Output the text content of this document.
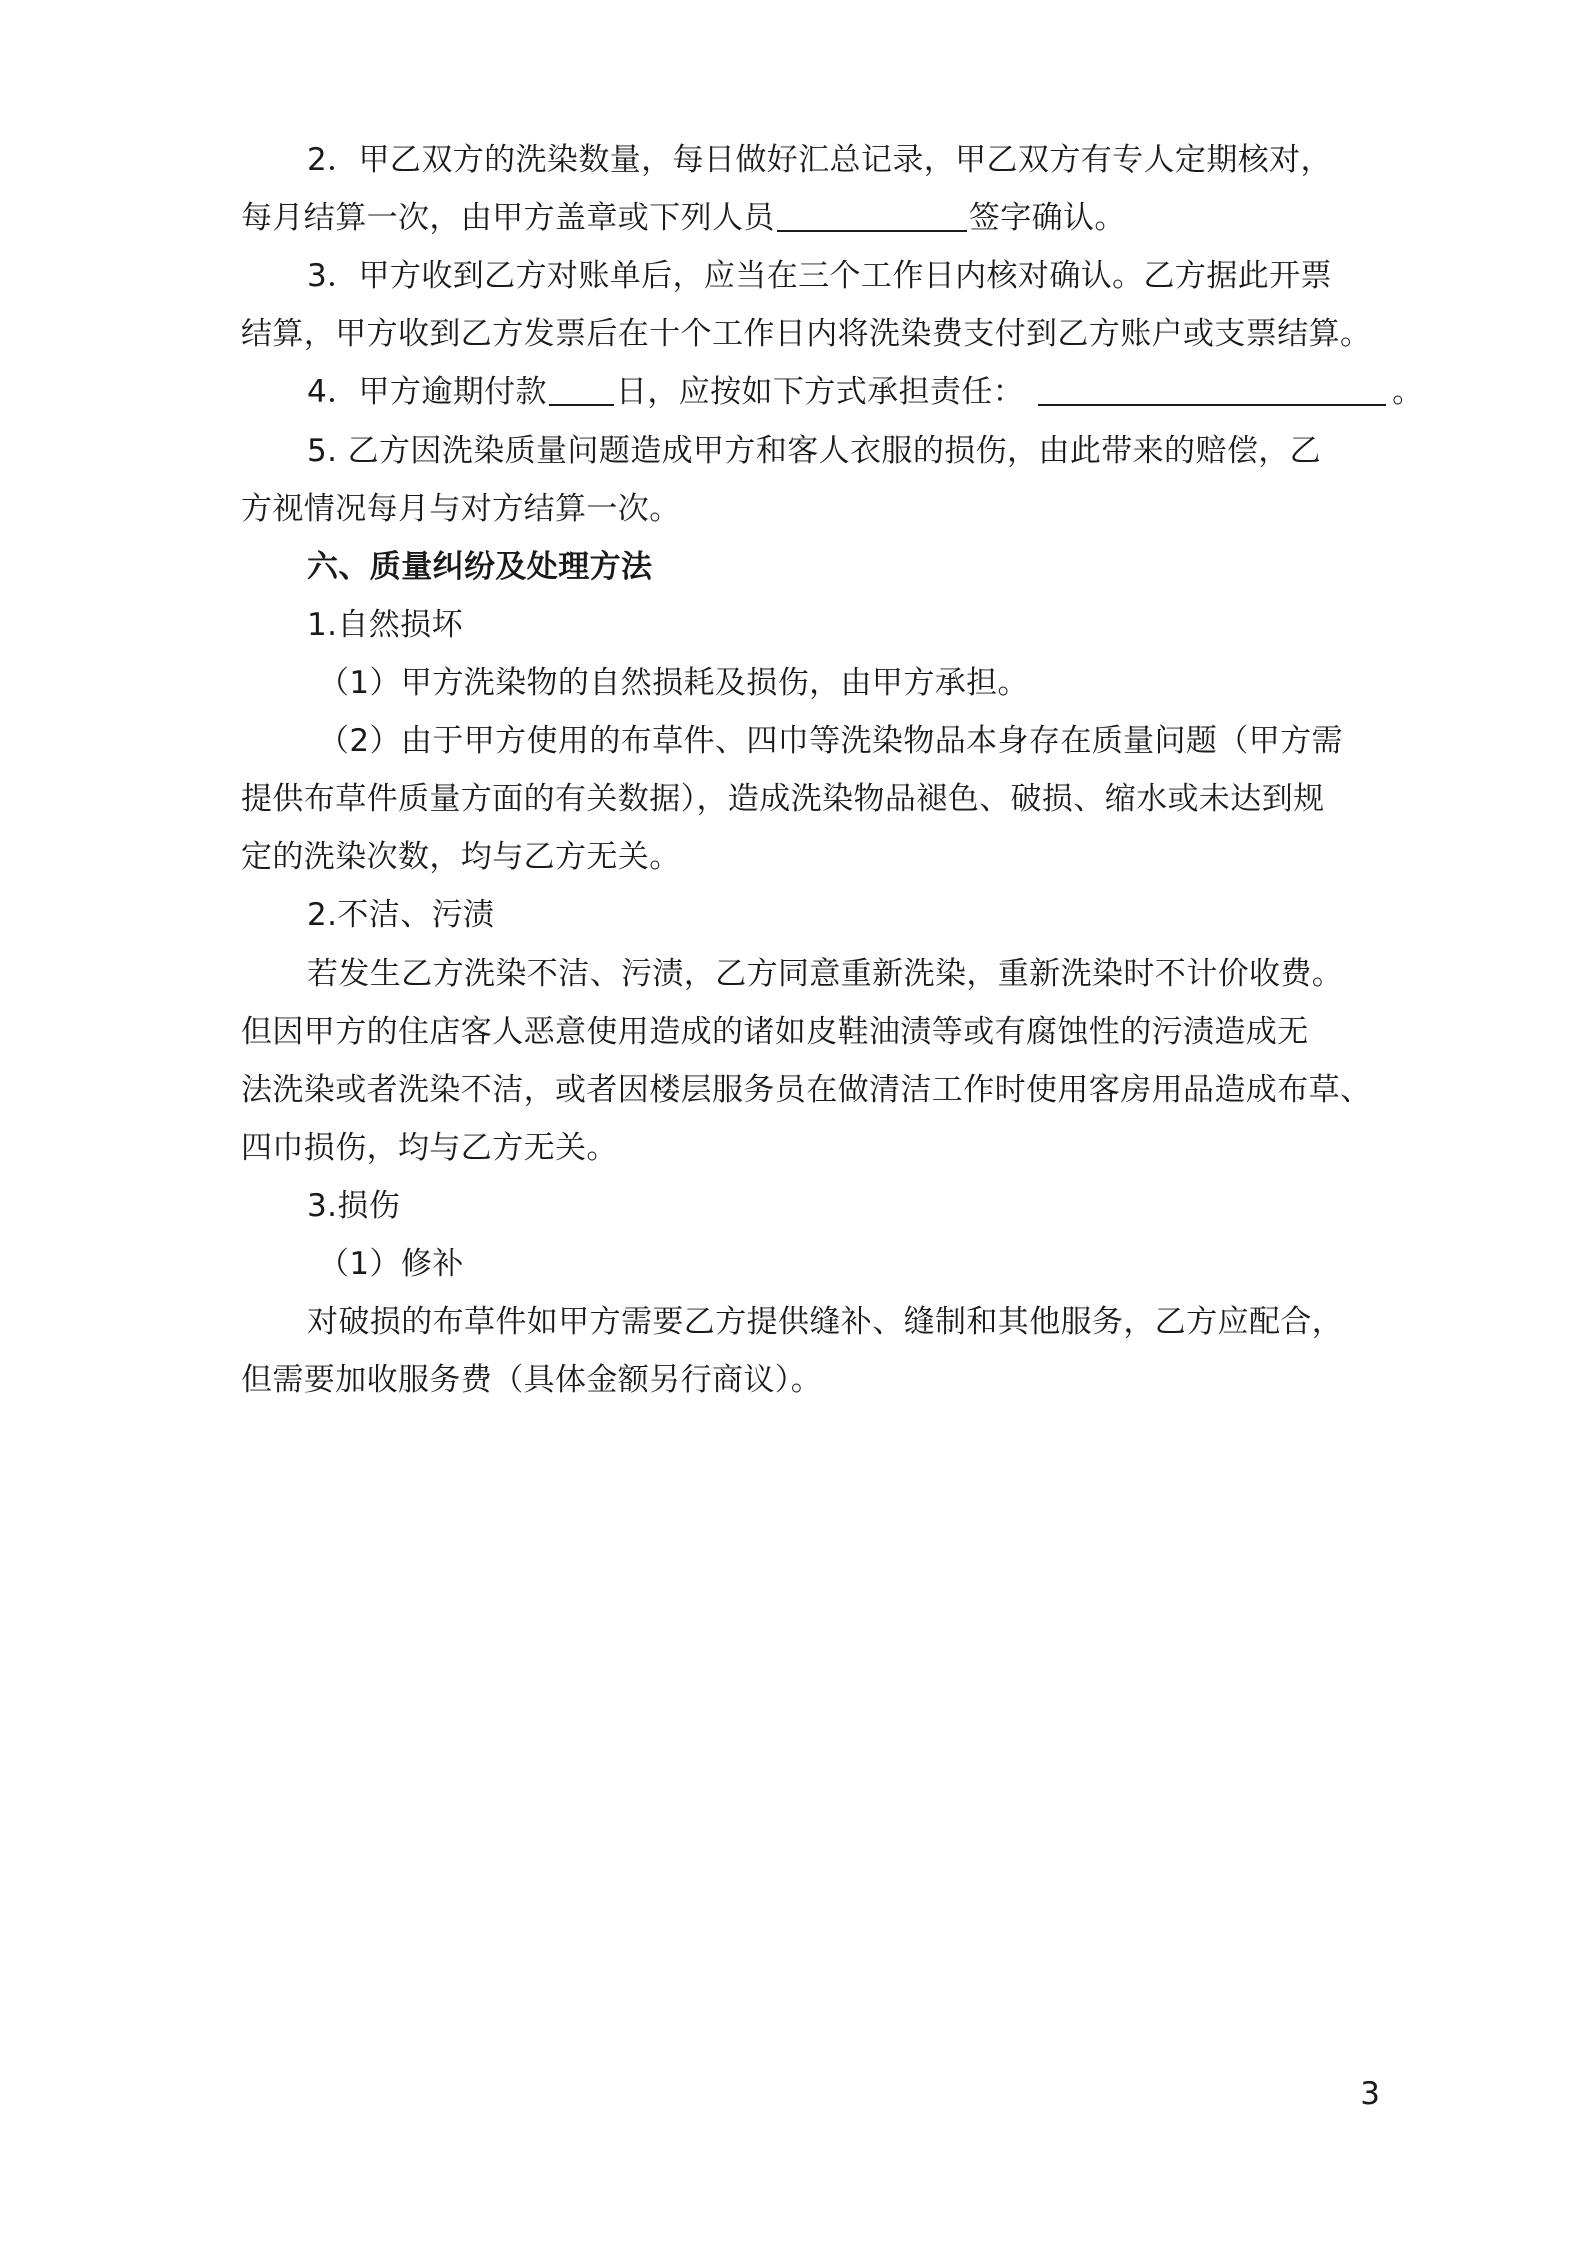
2．甲乙双方的洗染数量，每日做好汇总记录，甲乙双方有专人定期核对，
每月结算一次，由甲方盖章或下列人员	签字确认。
3．甲方收到乙方对账单后，应当在三个工作日内核对确认。乙方据此开票
结算，甲方收到乙方发票后在十个工作日内将洗染费支付到乙方账户或支票结算。
4．甲方逾期付款 日，应按如下方式承担责任：	。
5. 乙方因洗染质量问题造成甲方和客人衣服的损伤，由此带来的赔偿，乙
方视情况每月与对方结算一次。
六、质量纠纷及处理方法
1.自然损坏
（1）甲方洗染物的自然损耗及损伤，由甲方承担。
（2）由于甲方使用的布草件、四巾等洗染物品本身存在质量问题（甲方需
提供布草件质量方面的有关数据），造成洗染物品褪色、破损、缩水或未达到规
定的洗染次数，均与乙方无关。
2.不洁、污渍
若发生乙方洗染不洁、污渍，乙方同意重新洗染，重新洗染时不计价收费。
但因甲方的住店客人恶意使用造成的诸如皮鞋油渍等或有腐蚀性的污渍造成无
法洗染或者洗染不洁，或者因楼层服务员在做清洁工作时使用客房用品造成布草、
四巾损伤，均与乙方无关。
3.损伤
（1）修补
对破损的布草件如甲方需要乙方提供缝补、缝制和其他服务，乙方应配合，
但需要加收服务费（具体金额另行商议）。
3
